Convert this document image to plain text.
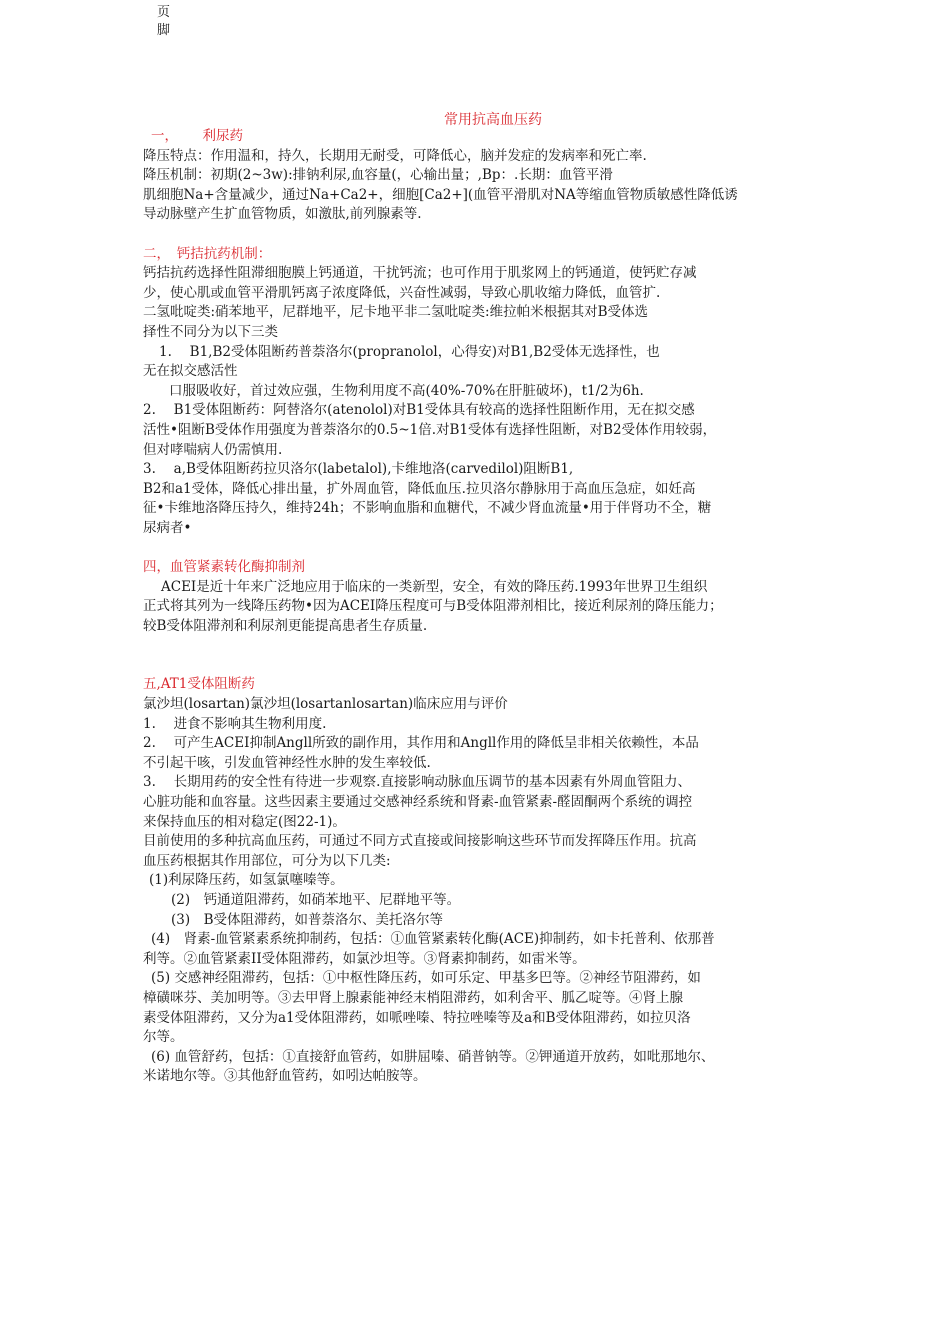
页
脚
常用抗高血压药

一，　　 利尿药

降压特点：作用温和，持久，长期用无耐受，可降低心，脑并发症的发病率和死亡率.

降压机制：初期(2~3w):排钠利尿,血容量(，心输出量；,Bp：.长期：血管平滑

肌细胞Na+含量减少，通过Na+Ca2+，细胞[Ca2+](血管平滑肌对NA等缩血管物质敏感性降低诱

导动脉壁产生扩血管物质，如激肽,前列腺素等.

二，　钙拮抗药机制：

钙拮抗药选择性阻滞细胞膜上钙通道，干扰钙流；也可作用于肌浆网上的钙通道，使钙贮存减

少，使心肌或血管平滑肌钙离子浓度降低，兴奋性减弱，导致心肌收缩力降低，血管扩.

二氢吡啶类:硝苯地平，尼群地平，尼卡地平非二氢吡啶类:维拉帕米根据其对B受体选

择性不同分为以下三类

1.　 B1,B2受体阻断药普萘洛尔(propranolol，心得安)对B1,B2受体无选择性，也

无在拟交感活性

口服吸收好，首过效应强，生物利用度不高(40%-70%在肝脏破坏)，t1/2为6h.

2.　 B1受体阻断药：阿替洛尔(atenolol)对B1受体具有较高的选择性阻断作用，无在拟交感

活性•阻断B受体作用强度为普萘洛尔的0.5~1倍.对B1受体有选择性阻断，对B2受体作用较弱，

但对哮喘病人仍需慎用.

3.　 a,B受体阻断药拉贝洛尔(labetalol),卡维地洛(carvedilol)阻断B1,

B2和a1受体，降低心排出量，扩外周血管，降低血压.拉贝洛尔静脉用于高血压急症，如妊高

征•卡维地洛降压持久，维持24h；不影响血脂和血糖代，不减少肾血流量•用于伴肾功不全，糖

尿病者•

四，血管紧素转化酶抑制剂

ACEI是近十年来广泛地应用于临床的一类新型，安全，有效的降压药.1993年世界卫生组织

正式将其列为一线降压药物•因为ACEI降压程度可与B受体阻滞剂相比，接近利尿剂的降压能力；

较B受体阻滞剂和利尿剂更能提高患者生存质量.

五,AT1受体阻断药

氯沙坦(losartan)氯沙坦(losartanlosartan)临床应用与评价

1.　 进食不影响其生物利用度.

2.　 可产生ACEI抑制Angll所致的副作用，其作用和Angll作用的降低呈非相关依赖性，本品

不引起干咳，引发血管神经性水肿的发生率较低.

3.　 长期用药的安全性有待进一步观察.直接影响动脉血压调节的基本因素有外周血管阻力、

心脏功能和血容量。这些因素主要通过交感神经系统和肾素-血管紧素-醛固酮两个系统的调控

来保持血压的相对稳定(图22-1)。

目前使用的多种抗高血压药，可通过不同方式直接或间接影响这些环节而发挥降压作用。抗高

血压药根据其作用部位，可分为以下几类:

(1)利尿降压药，如氢氯噻嗪等。

(2)　钙通道阻滞药，如硝苯地平、尼群地平等。

(3)　B受体阻滞药，如普萘洛尔、美托洛尔等

(4)　肾素-血管紧素系统抑制药，包括：①血管紧素转化酶(ACE)抑制药，如卡托普利、依那普

利等。②血管紧素II受体阻滞药，如氯沙坦等。③肾素抑制药，如雷米等。

(5) 交感神经阻滞药，包括：①中枢性降压药，如可乐定、甲基多巴等。②神经节阻滞药，如

樟磺咪芬、美加明等。③去甲肾上腺素能神经末梢阻滞药，如利舍平、胍乙啶等。④肾上腺

素受体阻滞药，又分为a1受体阻滞药，如哌唑嗪、特拉唑嗪等及a和B受体阻滞药，如拉贝洛

尔等。

(6) 血管舒药，包括：①直接舒血管药，如肼屈嗪、硝普钠等。②钾通道开放药，如吡那地尔、

米诺地尔等。③其他舒血管药，如吲达帕胺等。
